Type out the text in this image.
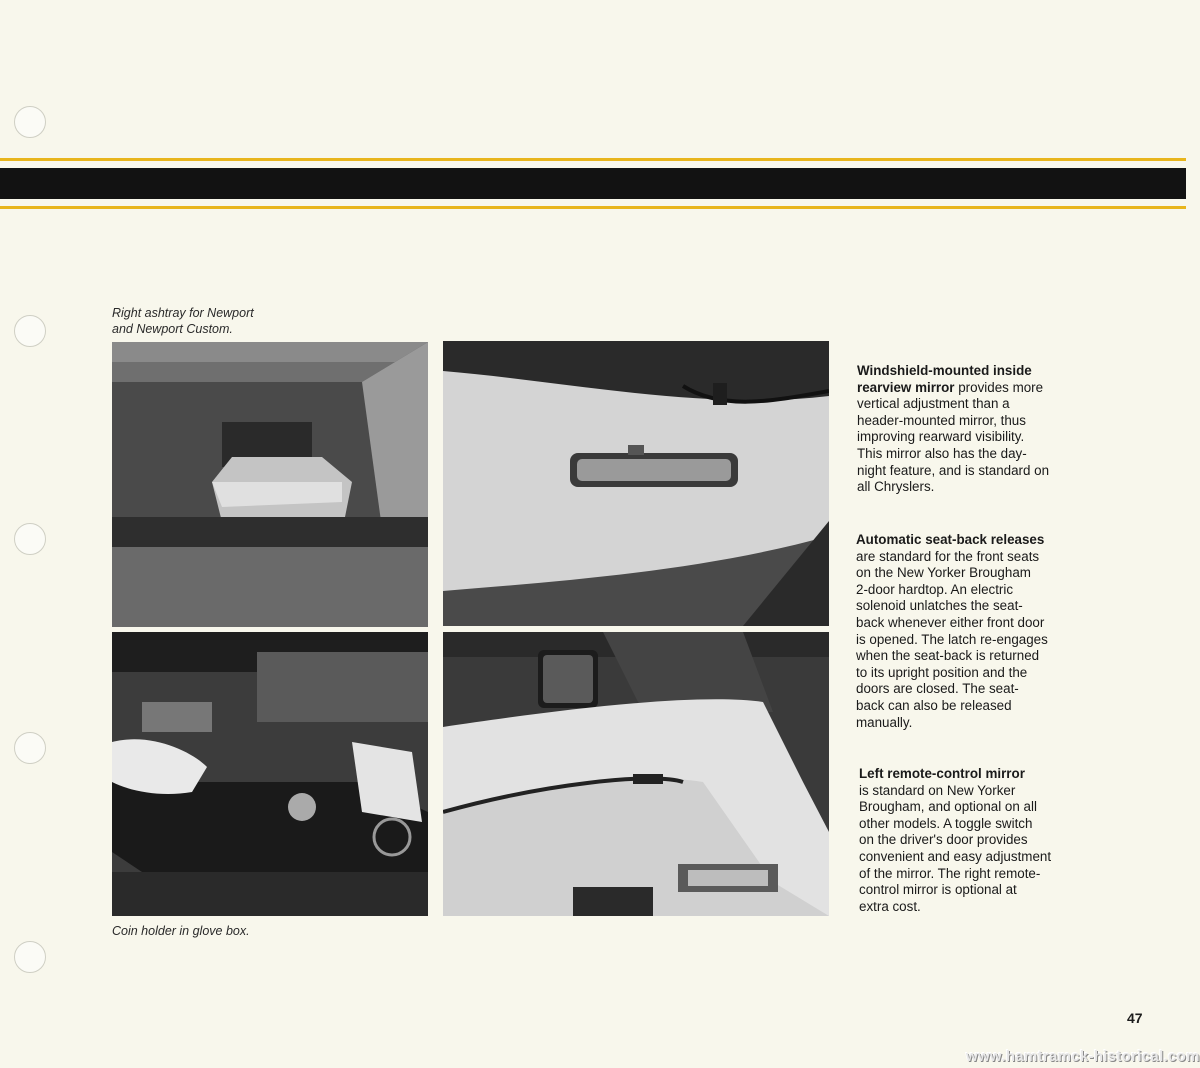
Right ashtray for Newport
and Newport Custom.
Coin holder in glove box.
Windshield-mounted inside
rearview mirror provides more
vertical adjustment than a
header-mounted mirror, thus
improving rearward visibility.
This mirror also has the day-
night feature, and is standard on
all Chryslers.
Automatic seat-back releases
are standard for the front seats
on the New Yorker Brougham
2-door hardtop. An electric
solenoid unlatches the seat-
back whenever either front door
is opened. The latch re-engages
when the seat-back is returned
to its upright position and the
doors are closed. The seat-
back can also be released
manually.
Left remote-control mirror
is standard on New Yorker
Brougham, and optional on all
other models. A toggle switch
on the driver's door provides
convenient and easy adjustment
of the mirror. The right remote-
control mirror is optional at
extra cost.
47
www.hamtramck-historical.com
